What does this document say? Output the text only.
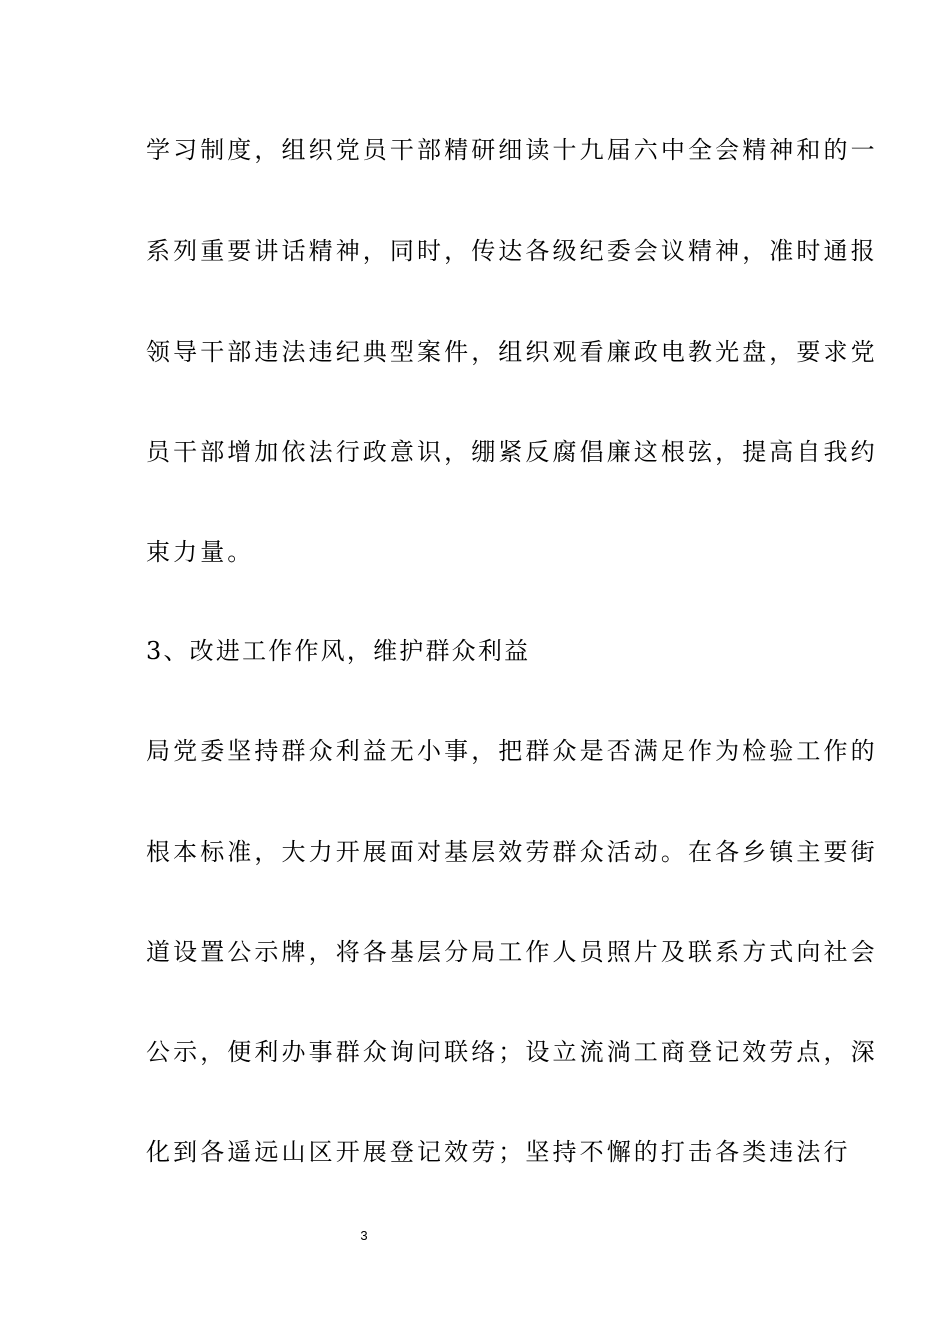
学习制度，组织党员干部精研细读十九届六中全会精神和的一
系列重要讲话精神，同时，传达各级纪委会议精神，准时通报
领导干部违法违纪典型案件，组织观看廉政电教光盘，要求党
员干部增加依法行政意识，绷紧反腐倡廉这根弦，提高自我约
束力量。
3、改进工作作风，维护群众利益
局党委坚持群众利益无小事，把群众是否满足作为检验工作的
根本标准，大力开展面对基层效劳群众活动。在各乡镇主要街
道设置公示牌，将各基层分局工作人员照片及联系方式向社会
公示，便利办事群众询问联络；设立流淌工商登记效劳点，深
化到各遥远山区开展登记效劳；坚持不懈的打击各类违法行
3
